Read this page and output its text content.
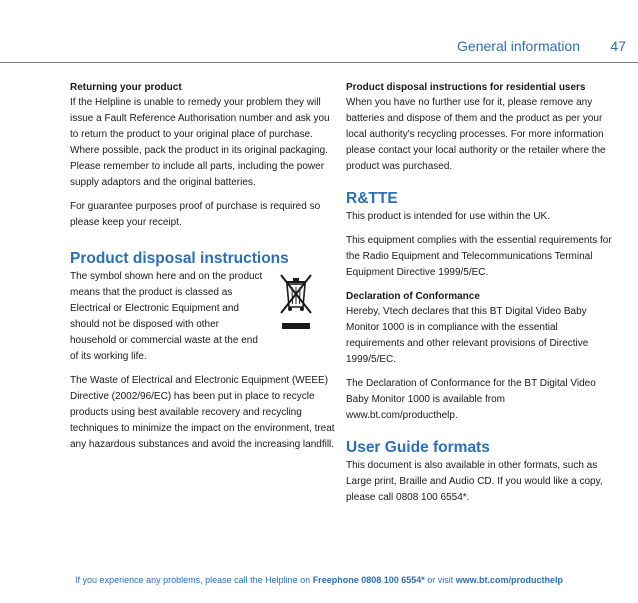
General information 47

Returning your product

If the Helpline is unable to remedy your problem they will issue a Fault Reference Authorisation number and ask you to return the product to your original place of purchase. Where possible, pack the product in its original packaging. Please remember to include all parts, including the power supply adaptors and the original batteries.

For guarantee purposes proof of purchase is required so please keep your receipt.

Product disposal instructions

The symbol shown here and on the product means that the product is classed as Electrical or Electronic Equipment and should not be disposed with other household or commercial waste at the end of its working life.

The Waste of Electrical and Electronic Equipment (WEEE) Directive (2002/96/EC) has been put in place to recycle products using best available recovery and recycling techniques to minimize the impact on the environment, treat any hazardous substances and avoid the increasing landfill.

Product disposal instructions for residential users

When you have no further use for it, please remove any batteries and dispose of them and the product as per your local authority's recycling processes. For more information please contact your local authority or the retailer where the product was purchased.

R&TTE

This product is intended for use within the UK.

This equipment complies with the essential requirements for the Radio Equipment and Telecommunications Terminal Equipment Directive 1999/5/EC.

Declaration of Conformance

Hereby, Vtech declares that this BT Digital Video Baby Monitor 1000 is in compliance with the essential requirements and other relevant provisions of Directive 1999/5/EC.

The Declaration of Conformance for the BT Digital Video Baby Monitor 1000 is available from www.bt.com/producthelp.

User Guide formats

This document is also available in other formats, such as Large print, Braille and Audio CD. If you would like a copy, please call 0808 100 6554*.

If you experience any problems, please call the Helpline on Freephone 0808 100 6554* or visit www.bt.com/producthelp
